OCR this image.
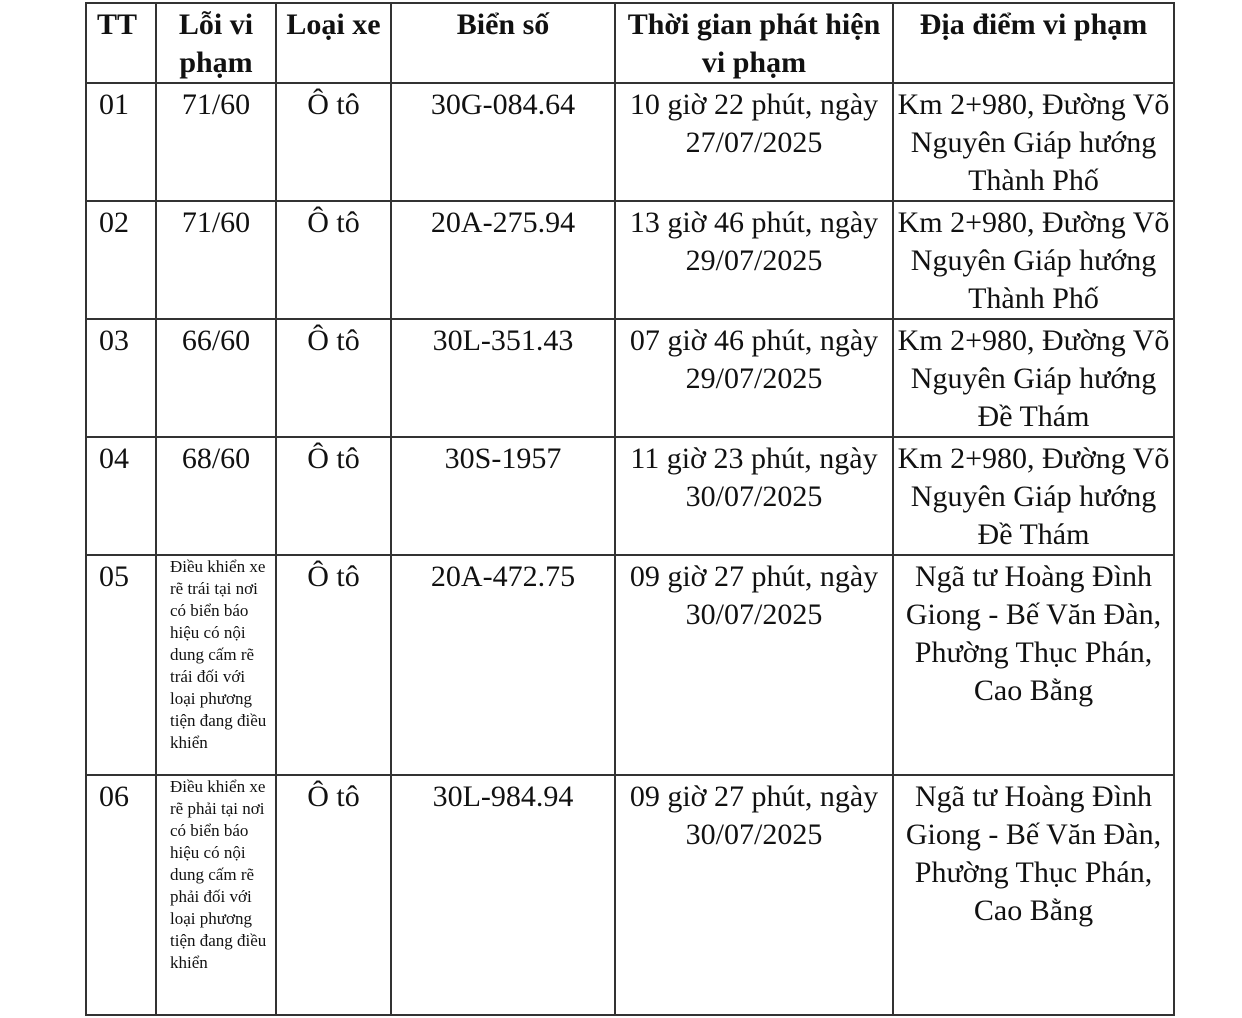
TT	Lỗi vi phạm	Loại xe	Biển số	Thời gian phát hiện vi phạm	Địa điểm vi phạm
01	71/60	Ô tô	30G-084.64	10 giờ 22 phút, ngày 27/07/2025	Km 2+980, Đường Võ Nguyên Giáp hướng Thành Phố
02	71/60	Ô tô	20A-275.94	13 giờ 46 phút, ngày 29/07/2025	Km 2+980, Đường Võ Nguyên Giáp hướng Thành Phố
03	66/60	Ô tô	30L-351.43	07 giờ 46 phút, ngày 29/07/2025	Km 2+980, Đường Võ Nguyên Giáp hướng Đề Thám
04	68/60	Ô tô	30S-1957	11 giờ 23 phút, ngày 30/07/2025	Km 2+980, Đường Võ Nguyên Giáp hướng Đề Thám
05	Điều khiển xe rẽ trái tại nơi có biển báo hiệu có nội dung cấm rẽ trái đối với loại phương tiện đang điều khiển	Ô tô	20A-472.75	09 giờ 27 phút, ngày 30/07/2025	Ngã tư Hoàng Đình Giong - Bế Văn Đàn, Phường Thục Phán, Cao Bằng
06	Điều khiển xe rẽ phải tại nơi có biển báo hiệu có nội dung cấm rẽ phải đối với loại phương tiện đang điều khiển	Ô tô	30L-984.94	09 giờ 27 phút, ngày 30/07/2025	Ngã tư Hoàng Đình Giong - Bế Văn Đàn, Phường Thục Phán, Cao Bằng
